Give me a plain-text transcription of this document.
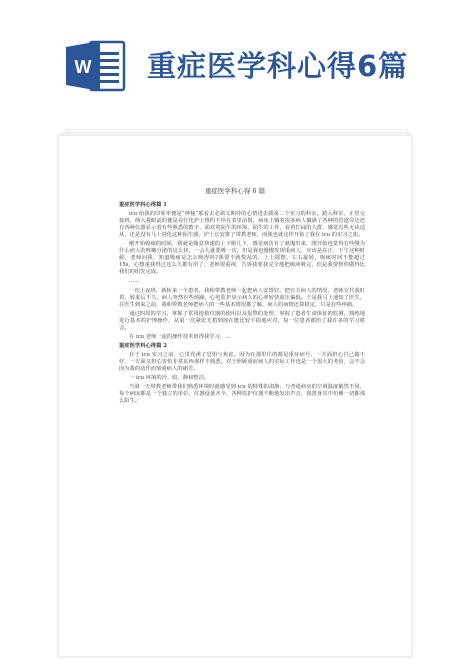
W 重症医学科心得6篇
重症医学科心得 6 篇

重症医学科心得篇 1

icu 给我的印象率便是“神秘”那看去必须又期待的心情进去我第二个实习的科室。踏入科室，正常交接班，纳入我眼前的便是看仔化护士推的不停在表里前摄，病床上躺着很多病人躺满了各种的管道旁边还有各种仪器显示着有些熟悉的数字，面对着陌生的环境，陌生的工作，看着忙碌的人群，感觉有些无从适从，还是没有马上进化这种陌生感，护士长安排了带教老师，而我也就这样开始了我在 icu 的实习之旅。

刚开始吸痰的时候，我就是随意快速的上下吸几下，感觉病仿有了就抛出来。刚开始也觉得有些慢为什么病人的咳嗽分泌的这么快，一会儿就要吸一次，但是我也慢慢发现重病人，应该是在正、下午这种时候，老师问我，知道吸痰是怎么吸得吗?我要不就慌乱的，上上摇摆，左右旋转，吸痰时间不能超过 15s，心想重我得过这么久都有用了，老师很重视，告诉我要我完全地把痰液吸完，但是我要帮你做得比我们的组先完成。

……

一次上夜班，新转来一个患者，我和带教老师一起把病人安置好。把有关病人的情况，老师交代我盯着，转来后不久，病人突然有些烦躁，心电监护显示病人的心率较快血压偏低，于是我马上通知了医生，在医生到来之前，我和带教老师把病人的一些基本情况都了解，病人的病情还算稳定，只是有些疼痛。

通过四周的学习，掌握了常用抢救仪器的使用以及报警的处理，掌握了患者生命体征的监测，熟练地进行基本的护理操作，从第一次紧张无措到现在能比较平稳地应对，每一位患者都给了我许多的学习机会。

在 icu 老师一流的操作技术值得我学习，…

重症医学科心得篇 2

在于 icu 实习之前，心里充满了恐惧与焦虑。因为在那里住的都是重症病号，一方面担心自己做不好，一方面又担心害怕非常东西那样不熟悉。对于照顾重症病人的实际工作也是一个很大的考验，会不会因为我的动作而加重病人的痛苦。

一 icu 环境的冷、暗、静和整洁。

当第一天带教老师带我们熟悉环境时就感受到 icu 的特殊的肃静，与普通病房的空调温度截然不同，每个病床都是一个独立的单位，仪器设备齐全，各种监护仪器不断地发出声音，我置身其中仿佛一切都那么陌生。
